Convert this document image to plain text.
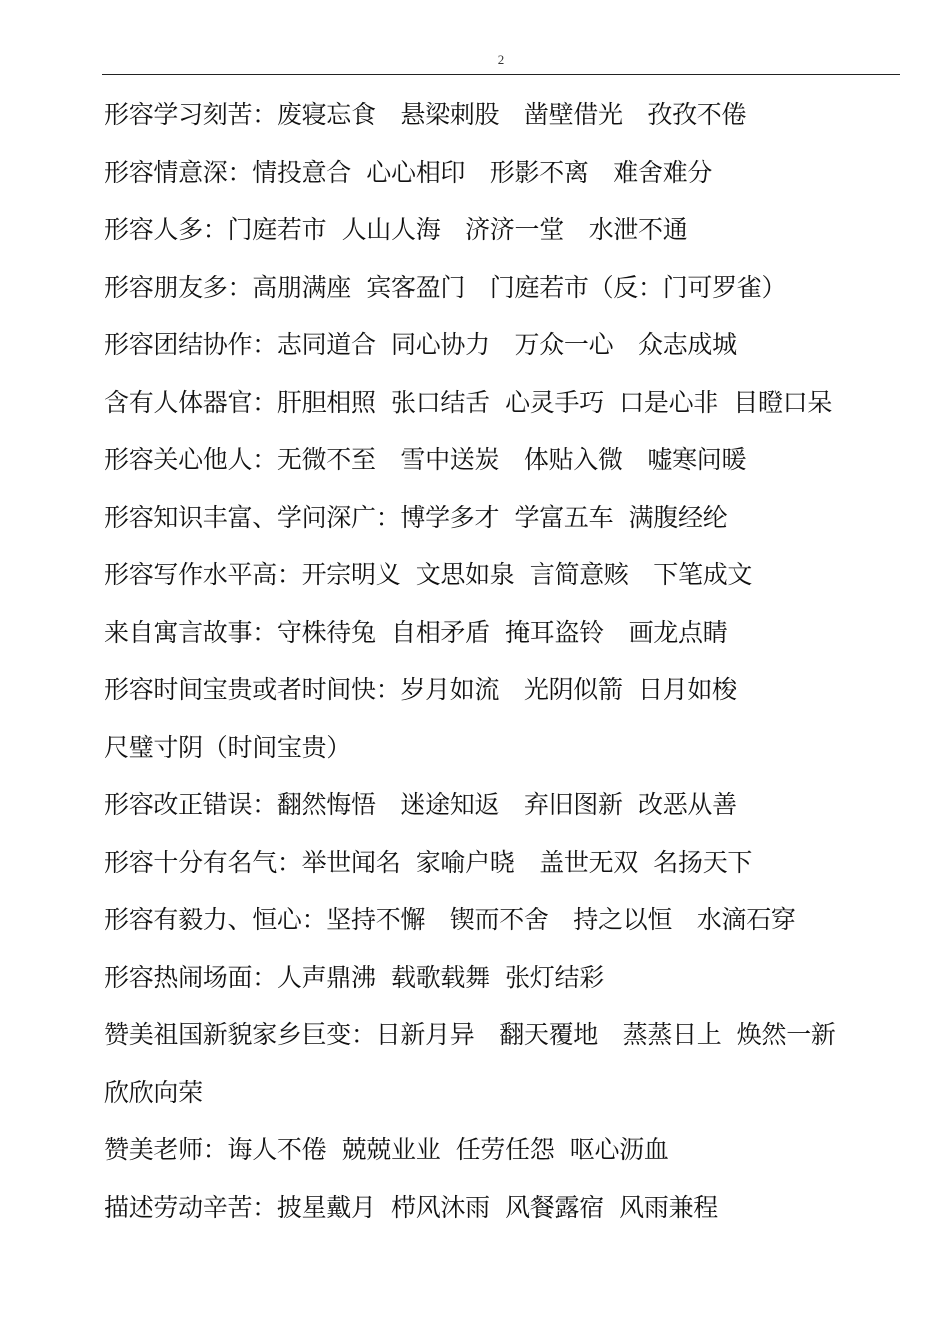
2
形容学习刻苦：废寝忘食　悬梁刺股　凿壁借光　孜孜不倦
形容情意深：情投意合  心心相印　形影不离　难舍难分
形容人多：门庭若市  人山人海　济济一堂　水泄不通
形容朋友多：高朋满座  宾客盈门　门庭若市（反：门可罗雀）
形容团结协作：志同道合  同心协力　万众一心　众志成城
含有人体器官：肝胆相照  张口结舌  心灵手巧  口是心非  目瞪口呆
形容关心他人：无微不至　雪中送炭　体贴入微　嘘寒问暖
形容知识丰富、学问深广：博学多才  学富五车  满腹经纶
形容写作水平高：开宗明义  文思如泉  言简意赅　下笔成文
来自寓言故事：守株待兔  自相矛盾  掩耳盗铃　画龙点睛
形容时间宝贵或者时间快：岁月如流　光阴似箭  日月如梭
尺璧寸阴（时间宝贵）
形容改正错误：翻然悔悟　迷途知返　弃旧图新  改恶从善
形容十分有名气：举世闻名  家喻户晓　盖世无双  名扬天下
形容有毅力、恒心：坚持不懈　锲而不舍　持之以恒　水滴石穿
形容热闹场面：人声鼎沸  载歌载舞  张灯结彩
赞美祖国新貌家乡巨变：日新月异　翻天覆地　蒸蒸日上  焕然一新
欣欣向荣
赞美老师：诲人不倦  兢兢业业  任劳任怨  呕心沥血
描述劳动辛苦：披星戴月  栉风沐雨  风餐露宿  风雨兼程
